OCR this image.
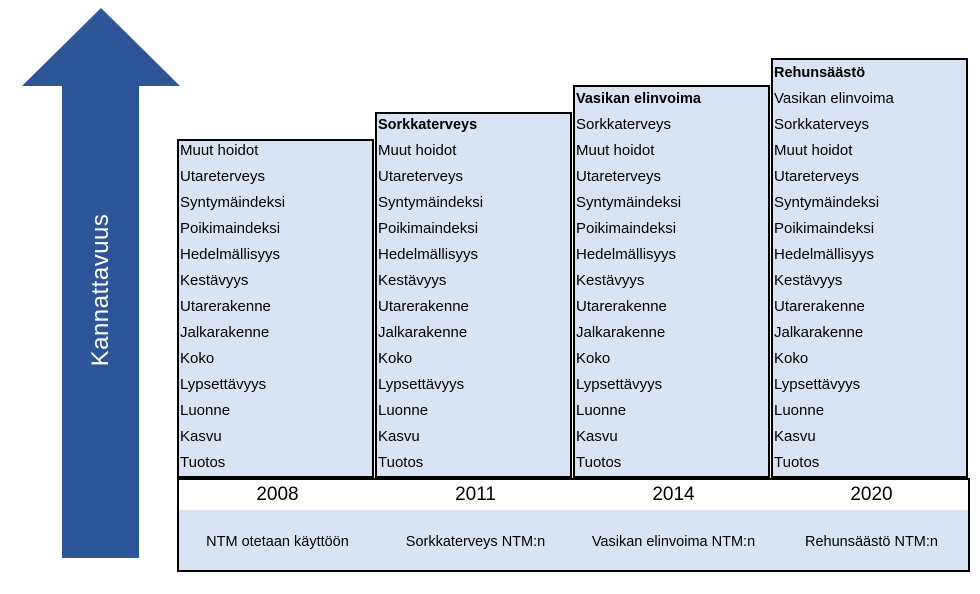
Kannattavuus
Muut hoidot
Utareterveys
Syntymäindeksi
Poikimaindeksi
Hedelmällisyys
Kestävyys
Utarerakenne
Jalkarakenne
Koko
Lypsettävyys
Luonne
Kasvu
Tuotos
Sorkkaterveys
Muut hoidot
Utareterveys
Syntymäindeksi
Poikimaindeksi
Hedelmällisyys
Kestävyys
Utarerakenne
Jalkarakenne
Koko
Lypsettävyys
Luonne
Kasvu
Tuotos
Vasikan elinvoima
Sorkkaterveys
Muut hoidot
Utareterveys
Syntymäindeksi
Poikimaindeksi
Hedelmällisyys
Kestävyys
Utarerakenne
Jalkarakenne
Koko
Lypsettävyys
Luonne
Kasvu
Tuotos
Rehunsäästö
Vasikan elinvoima
Sorkkaterveys
Muut hoidot
Utareterveys
Syntymäindeksi
Poikimaindeksi
Hedelmällisyys
Kestävyys
Utarerakenne
Jalkarakenne
Koko
Lypsettävyys
Luonne
Kasvu
Tuotos
2008	2011	2014	2020
NTM otetaan käyttöön	Sorkkaterveys NTM:n	Vasikan elinvoima NTM:n	Rehunsäästö NTM:n
